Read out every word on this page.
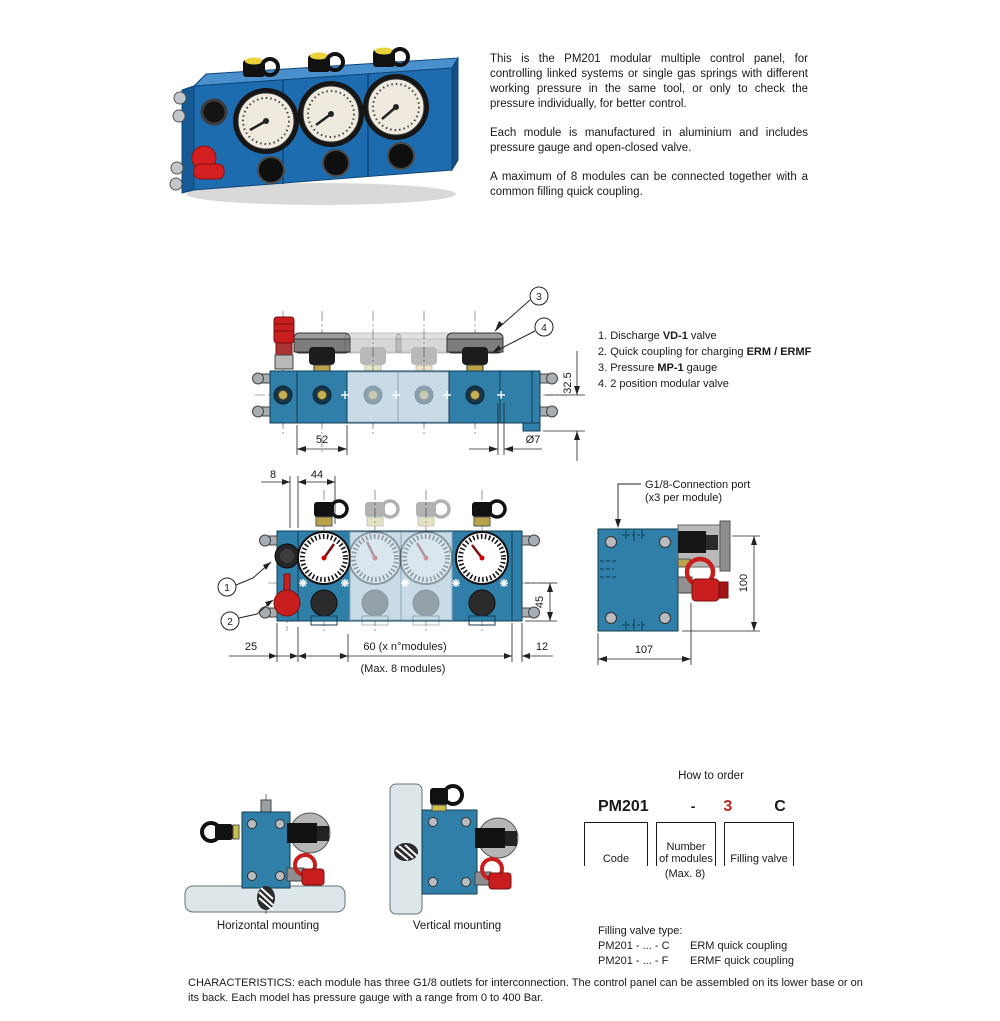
This is the PM201 modular multiple control panel, for controlling linked systems or single gas springs with different working pressure in the same tool, or only to check the pressure individually, for better control.

Each module is manufactured in aluminium and includes pressure gauge and open-closed valve.

A maximum of 8 modules can be connected together with a common filling quick coupling.

3
4
32.5
52	Ø7
1. Discharge VD-1 valve
2. Quick coupling for charging ERM / ERMF
3. Pressure MP-1 gauge
4. 2 position modular valve
1
2
8	44
25	60 (x n°modules)
(Max. 8 modules)
12
45
G1/8-Connection port
(x3 per module)
100
107
How to order
PM201	- 3	C
Code
Number
of modules
(Max. 8)
Filling valve
Filling valve type:
PM201 - ... - C	ERM quick coupling
PM201 - ... - F	ERMF quick coupling
Horizontal mounting	Vertical mounting
CHARACTERISTICS: each module has three G1/8 outlets for interconnection. The control panel can be assembled on its lower base or on its back. Each model has pressure gauge with a range from 0 to 400 Bar.
